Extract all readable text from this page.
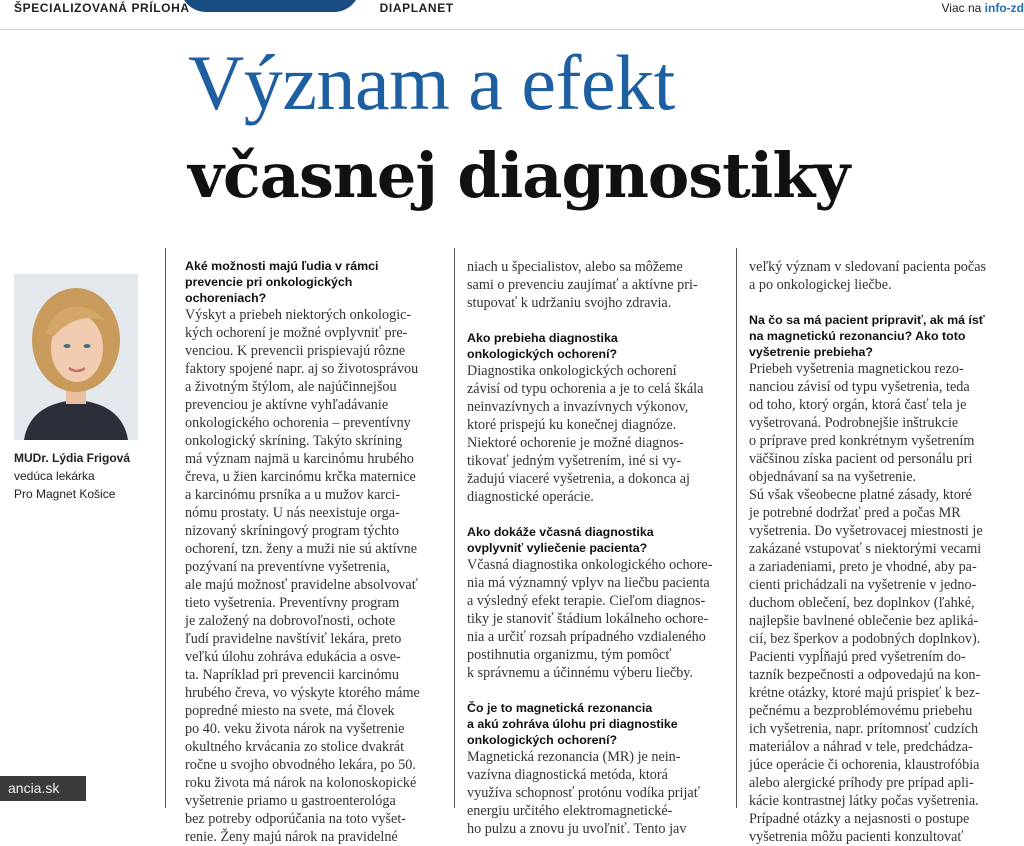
ŠPECIALIZOVANÁ PRÍLOHA	DIAPLANET	Viac na info-zd
Význam a efekt
včasnej diagnostiky
MUDr. Lýdia Frigová
vedúca lekárka
Pro Magnet Košice
Aké možnosti majú ľudia v rámci
prevencie pri onkologických
ochoreniach?
Výskyt a priebeh niektorých onkologic-
kých ochorení je možné ovplyvniť pre-
venciou. K prevencii prispievajú rôzne
faktory spojené napr. aj so životosprávou
a životným štýlom, ale najúčinnejšou
prevenciou je aktívne vyhľadávanie
onkologického ochorenia – preventívny
onkologický skríning. Takýto skríning
má význam najmä u karcinómu hrubého
čreva, u žien karcinómu krčka maternice
a karcinómu prsníka a u mužov karci-
nómu prostaty. U nás neexistuje orga-
nizovaný skríningový program týchto
ochorení, tzn. ženy a muži nie sú aktívne
pozývaní na preventívne vyšetrenia,
ale majú možnosť pravidelne absolvovať
tieto vyšetrenia. Preventívny program
je založený na dobrovoľnosti, ochote
ľudí pravidelne navštíviť lekára, preto
veľkú úlohu zohráva edukácia a osve-
ta. Napríklad pri prevencii karcinómu
hrubého čreva, vo výskyte ktorého máme
popredné miesto na svete, má človek
po 40. veku života nárok na vyšetrenie
okultného krvácania zo stolice dvakrát
ročne u svojho obvodného lekára, po 50.
roku života má nárok na kolonoskopické
vyšetrenie priamo u gastroenterológa
bez potreby odporúčania na toto vyšet-
renie. Ženy majú nárok na pravidelné
niach u špecialistov, alebo sa môžeme
sami o prevenciu zaujímať a aktívne pri-
stupovať k udržaniu svojho zdravia.
Ako prebieha diagnostika
onkologických ochorení?
Diagnostika onkologických ochorení
závisí od typu ochorenia a je to celá škála
neinvazívnych a invazívnych výkonov,
ktoré prispejú ku konečnej diagnóze.
Niektoré ochorenie je možné diagnos-
tikovať jedným vyšetrením, iné si vy-
žadujú viaceré vyšetrenia, a dokonca aj
diagnostické operácie.
Ako dokáže včasná diagnostika
ovplyvniť vyliečenie pacienta?
Včasná diagnostika onkologického ochore-
nia má významný vplyv na liečbu pacienta
a výsledný efekt terapie. Cieľom diagnos-
tiky je stanoviť štádium lokálneho ochore-
nia a určiť rozsah prípadného vzdialeného
postihnutia organizmu, tým pomôcť
k správnemu a účinnému výberu liečby.
Čo je to magnetická rezonancia
a akú zohráva úlohu pri diagnostike
onkologických ochorení?
Magnetická rezonancia (MR) je nein-
vazívna diagnostická metóda, ktorá
využíva schopnosť protónu vodíka prijať
energiu určitého elektromagnetické-
ho pulzu a znovu ju uvoľniť. Tento jav
veľký význam v sledovaní pacienta počas
a po onkologickej liečbe.
Na čo sa má pacient pripraviť, ak má ísť
na magnetickú rezonanciu? Ako toto
vyšetrenie prebieha?
Priebeh vyšetrenia magnetickou rezo-
nanciou závisí od typu vyšetrenia, teda
od toho, ktorý orgán, ktorá časť tela je
vyšetrovaná. Podrobnejšie inštrukcie
o príprave pred konkrétnym vyšetrením
väčšinou získa pacient od personálu pri
objednávaní sa na vyšetrenie.
Sú však všeobecne platné zásady, ktoré
je potrebné dodržať pred a počas MR
vyšetrenia. Do vyšetrovacej miestnosti je
zakázané vstupovať s niektorými vecami
a zariadeniami, preto je vhodné, aby pa-
cienti prichádzali na vyšetrenie v jedno-
duchom oblečení, bez doplnkov (ľahké,
najlepšie bavlnené oblečenie bez apliká-
cií, bez šperkov a podobných doplnkov).
Pacienti vypĺňajú pred vyšetrením do-
tazník bezpečnosti a odpovedajú na kon-
krétne otázky, ktoré majú prispieť k bez-
pečnému a bezproblémovému priebehu
ich vyšetrenia, napr. prítomnosť cudzích
materiálov a náhrad v tele, predchádza-
júce operácie či ochorenia, klaustrofóbia
alebo alergické príhody pre prípad apli-
kácie kontrastnej látky počas vyšetrenia.
Prípadné otázky a nejasnosti o postupe
vyšetrenia môžu pacienti konzultovať
ancia.sk
